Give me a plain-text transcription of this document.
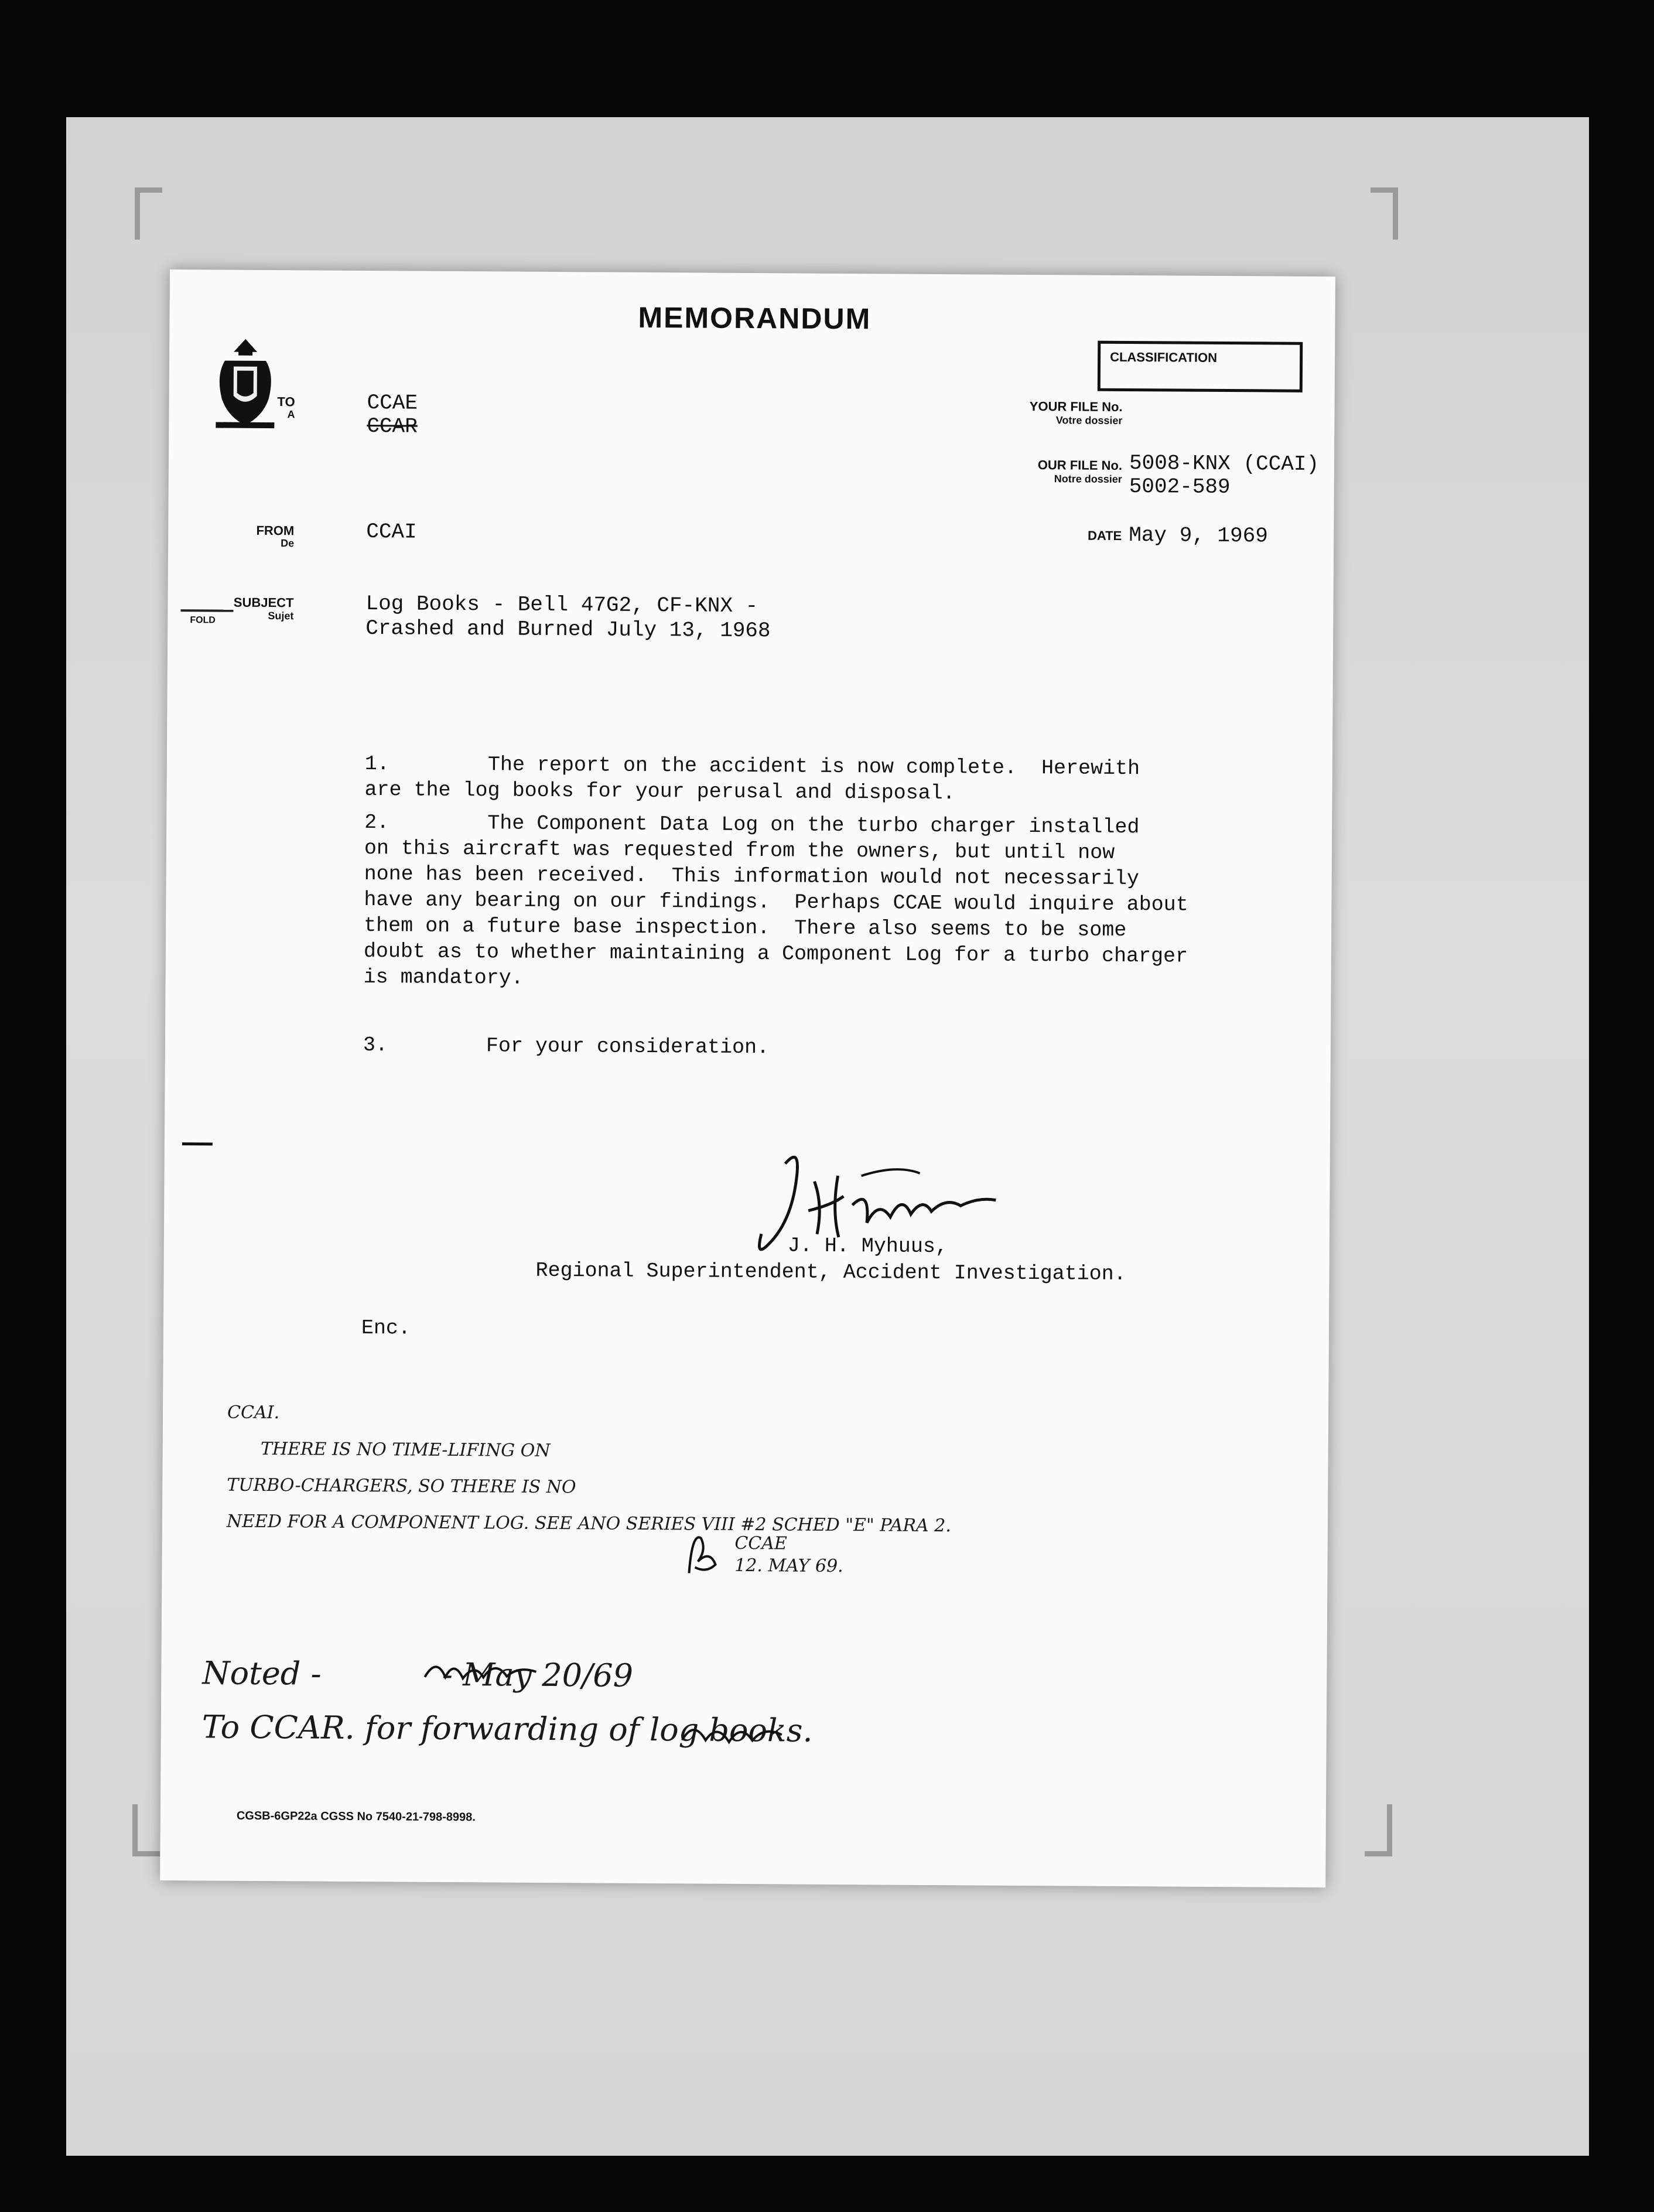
MEMORANDUM
CLASSIFICATION
TO
A	CCAE
CCAR
YOUR FILE No.
Votre dossier
OUR FILE No.
Notre dossier
5008-KNX (CCAI)
5002-589
FROM
De	CCAI	DATE May 9, 1969
FOLD
SUBJECT
Sujet	Log Books - Bell 47G2, CF-KNX -
Crashed and Burned July 13, 1968
1.        The report on the accident is now complete.  Herewith
are the log books for your perusal and disposal.
2.        The Component Data Log on the turbo charger installed
on this aircraft was requested from the owners, but until now
none has been received.  This information would not necessarily
have any bearing on our findings.  Perhaps CCAE would inquire about
them on a future base inspection.  There also seems to be some
doubt as to whether maintaining a Component Log for a turbo charger
is mandatory.
3.        For your consideration.
J. H. Myhuus,
Regional Superintendent, Accident Investigation.
Enc.
CCAI.
THERE IS NO TIME-LIFING ON
TURBO-CHARGERS, SO THERE IS NO
NEED FOR A COMPONENT LOG. SEE ANO SERIES VIII #2 SCHED "E" PARA 2.
CCAE
12. MAY 69.
Noted -            - May 20/69
To CCAR. for forwarding of log books.
CGSB-6GP22a CGSS No 7540-21-798-8998.
